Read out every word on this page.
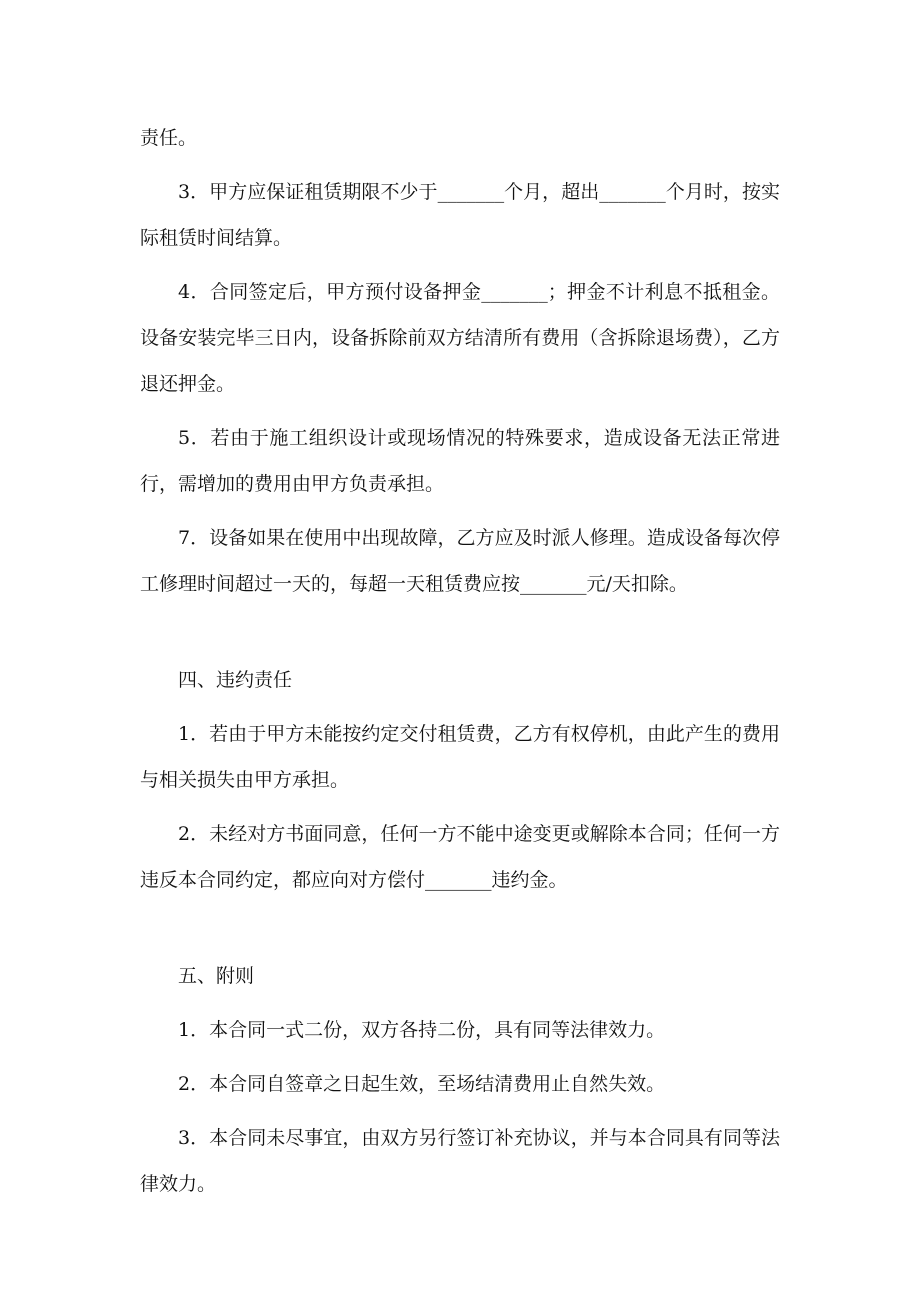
责任。

3．甲方应保证租赁期限不少于_______个月，超出_______个月时，按实际租赁时间结算。

4．合同签定后，甲方预付设备押金_______；押金不计利息不抵租金。设备安装完毕三日内，设备拆除前双方结清所有费用（含拆除退场费），乙方退还押金。

5．若由于施工组织设计或现场情况的特殊要求，造成设备无法正常进行，需增加的费用由甲方负责承担。

7．设备如果在使用中出现故障，乙方应及时派人修理。造成设备每次停工修理时间超过一天的，每超一天租赁费应按_______元/天扣除。

四、违约责任

1．若由于甲方未能按约定交付租赁费，乙方有权停机，由此产生的费用与相关损失由甲方承担。

2．未经对方书面同意，任何一方不能中途变更或解除本合同；任何一方违反本合同约定，都应向对方偿付_______违约金。

五、附则

1．本合同一式二份，双方各持二份，具有同等法律效力。

2．本合同自签章之日起生效，至场结清费用止自然失效。

3．本合同未尽事宜，由双方另行签订补充协议，并与本合同具有同等法律效力。
